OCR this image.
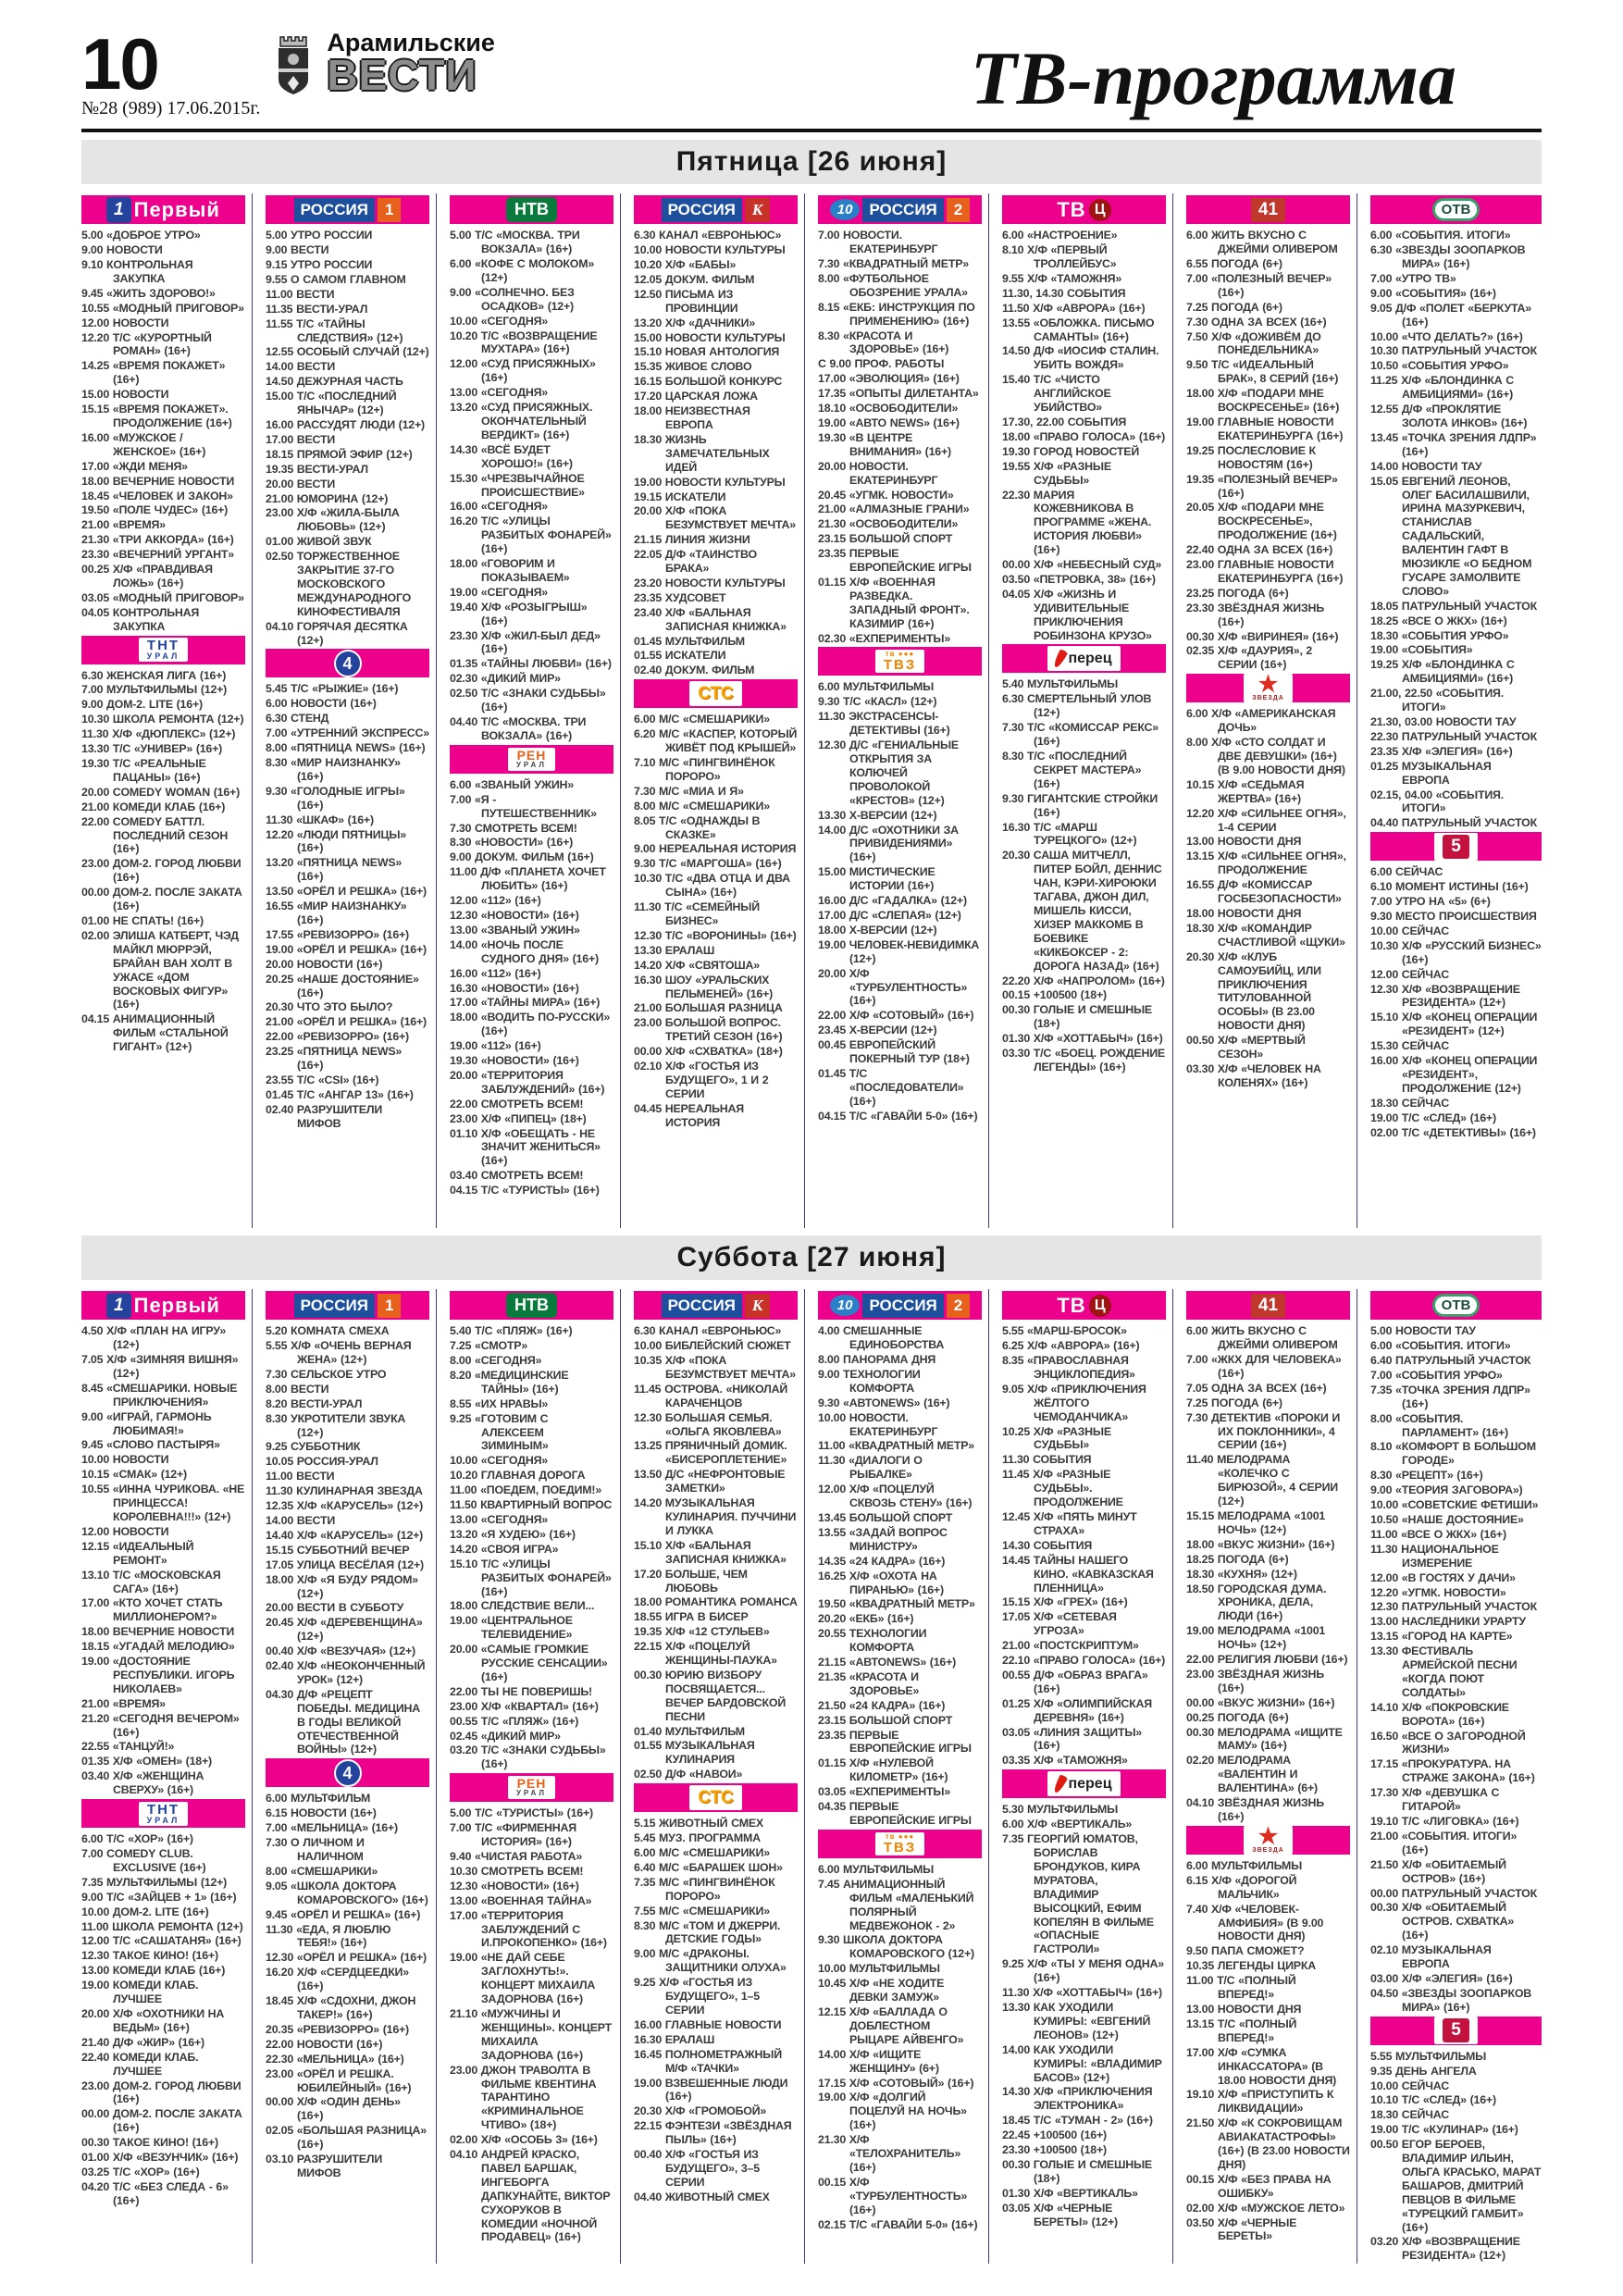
10
№28 (989) 17.06.2015г.
Арамильские
ВЕСТИ	ТВ-программа
Пятница [26 июня]
1 Первый
5.00 «ДОБРОЕ УТРО»
9.00 НОВОСТИ
9.10 КОНТРОЛЬНАЯ ЗАКУПКА
9.45 «ЖИТЬ ЗДОРОВО!»
10.55 «МОДНЫЙ ПРИГОВОР»
12.00 НОВОСТИ
12.20 Т/С «КУРОРТНЫЙ РОМАН» (16+)
14.25 «ВРЕМЯ ПОКАЖЕТ» (16+)
15.00 НОВОСТИ
15.15 «ВРЕМЯ ПОКАЖЕТ». ПРОДОЛЖЕНИЕ (16+)
16.00 «МУЖСКОЕ / ЖЕНСКОЕ» (16+)
17.00 «ЖДИ МЕНЯ»
18.00 ВЕЧЕРНИЕ НОВОСТИ
18.45 «ЧЕЛОВЕК И ЗАКОН»
19.50 «ПОЛЕ ЧУДЕС» (16+)
21.00 «ВРЕМЯ»
21.30 «ТРИ АККОРДА» (16+)
23.30 «ВЕЧЕРНИЙ УРГАНТ»
00.25 Х/Ф «ПРАВДИВАЯ ЛОЖЬ» (16+)
03.05 «МОДНЫЙ ПРИГОВОР»
04.05 КОНТРОЛЬНАЯ ЗАКУПКА
ТНТ
УРАЛ
6.30 ЖЕНСКАЯ ЛИГА (16+)
7.00 МУЛЬТФИЛЬМЫ (12+)
9.00 ДОМ-2. LITE (16+)
10.30 ШКОЛА РЕМОНТА (12+)
11.30 Х/Ф «ДЮПЛЕКС» (12+)
13.30 Т/С «УНИВЕР» (16+)
19.30 Т/С «РЕАЛЬНЫЕ ПАЦАНЫ» (16+)
20.00 COMEDY WOMAN (16+)
21.00 КОМЕДИ КЛАБ (16+)
22.00 COMEDY БАТТЛ. ПОСЛЕДНИЙ СЕЗОН (16+)
23.00 ДОМ-2. ГОРОД ЛЮБВИ (16+)
00.00 ДОМ-2. ПОСЛЕ ЗАКАТА (16+)
01.00 НЕ СПАТЬ! (16+)
02.00 ЭЛИША КАТБЕРТ, ЧЭД МАЙКЛ МЮРРЭЙ, БРАЙАН ВАН ХОЛТ В УЖАСЕ «ДОМ ВОСКОВЫХ ФИГУР» (16+)
04.15 АНИМАЦИОННЫЙ ФИЛЬМ «СТАЛЬНОЙ ГИГАНТ» (12+)
РОССИЯ	1
5.00 УТРО РОССИИ
9.00 ВЕСТИ
9.15 УТРО РОССИИ
9.55 О САМОМ ГЛАВНОМ
11.00 ВЕСТИ
11.35 ВЕСТИ-УРАЛ
11.55 Т/С «ТАЙНЫ СЛЕДСТВИЯ» (12+)
12.55 ОСОБЫЙ СЛУЧАЙ (12+)
14.00 ВЕСТИ
14.50 ДЕЖУРНАЯ ЧАСТЬ
15.00 Т/С «ПОСЛЕДНИЙ ЯНЫЧАР» (12+)
16.00 РАССУДЯТ ЛЮДИ (12+)
17.00 ВЕСТИ
18.15 ПРЯМОЙ ЭФИР (12+)
19.35 ВЕСТИ-УРАЛ
20.00 ВЕСТИ
21.00 ЮМОРИНА (12+)
23.00 Х/Ф «ЖИЛА-БЫЛА ЛЮБОВЬ» (12+)
01.00 ЖИВОЙ ЗВУК
02.50 ТОРЖЕСТВЕННОЕ ЗАКРЫТИЕ 37-ГО МОСКОВСКОГО МЕЖДУНАРОДНОГО КИНОФЕСТИВАЛЯ
04.10 ГОРЯЧАЯ ДЕСЯТКА (12+)
4
5.45 Т/С «РЫЖИЕ» (16+)
6.00 НОВОСТИ (16+)
6.30 СТЕНД
7.00 «УТРЕННИЙ ЭКСПРЕСС»
8.00 «ПЯТНИЦА NEWS» (16+)
8.30 «МИР НАИЗНАНКУ» (16+)
9.30 «ГОЛОДНЫЕ ИГРЫ» (16+)
11.30 «ШКАФ» (16+)
12.20 «ЛЮДИ ПЯТНИЦЫ» (16+)
13.20 «ПЯТНИЦА NEWS» (16+)
13.50 «ОРЁЛ И РЕШКА» (16+)
16.55 «МИР НАИЗНАНКУ» (16+)
17.55 «РЕВИЗОРРО» (16+)
19.00 «ОРЁЛ И РЕШКА» (16+)
20.00 НОВОСТИ (16+)
20.25 «НАШЕ ДОСТОЯНИЕ» (16+)
20.30 ЧТО ЭТО БЫЛО?
21.00 «ОРЁЛ И РЕШКА» (16+)
22.00 «РЕВИЗОРРО» (16+)
23.25 «ПЯТНИЦА NEWS» (16+)
23.55 Т/С «CSI» (16+)
01.45 Т/С «АНГАР 13» (16+)
02.40 РАЗРУШИТЕЛИ МИФОВ
НТВ
5.00 Т/С «МОСКВА. ТРИ ВОКЗАЛА» (16+)
6.00 «КОФЕ С МОЛОКОМ» (12+)
9.00 «СОЛНЕЧНО. БЕЗ ОСАДКОВ» (12+)
10.00 «СЕГОДНЯ»
10.20 Т/С «ВОЗВРАЩЕНИЕ МУХТАРА» (16+)
12.00 «СУД ПРИСЯЖНЫХ» (16+)
13.00 «СЕГОДНЯ»
13.20 «СУД ПРИСЯЖНЫХ. ОКОНЧАТЕЛЬНЫЙ ВЕРДИКТ» (16+)
14.30 «ВСЁ БУДЕТ ХОРОШО!» (16+)
15.30 «ЧРЕЗВЫЧАЙНОЕ ПРОИСШЕСТВИЕ»
16.00 «СЕГОДНЯ»
16.20 Т/С «УЛИЦЫ РАЗБИТЫХ ФОНАРЕЙ» (16+)
18.00 «ГОВОРИМ И ПОКАЗЫВАЕМ»
19.00 «СЕГОДНЯ»
19.40 Х/Ф «РОЗЫГРЫШ» (16+)
23.30 Х/Ф «ЖИЛ-БЫЛ ДЕД» (16+)
01.35 «ТАЙНЫ ЛЮБВИ» (16+)
02.30 «ДИКИЙ МИР»
02.50 Т/С «ЗНАКИ СУДЬБЫ» (16+)
04.40 Т/С «МОСКВА. ТРИ ВОКЗАЛА» (16+)
РЕН
УРАЛ
6.00 «ЗВАНЫЙ УЖИН»
7.00 «Я - ПУТЕШЕСТВЕННИК»
7.30 СМОТРЕТЬ ВСЕМ!
8.30 «НОВОСТИ» (16+)
9.00 ДОКУМ. ФИЛЬМ (16+)
11.00 Д/Ф «ПЛАНЕТА ХОЧЕТ ЛЮБИТЬ» (16+)
12.00 «112» (16+)
12.30 «НОВОСТИ» (16+)
13.00 «ЗВАНЫЙ УЖИН»
14.00 «НОЧЬ ПОСЛЕ СУДНОГО ДНЯ» (16+)
16.00 «112» (16+)
16.30 «НОВОСТИ» (16+)
17.00 «ТАЙНЫ МИРА» (16+)
18.00 «ВОДИТЬ ПО-РУССКИ» (16+)
19.00 «112» (16+)
19.30 «НОВОСТИ» (16+)
20.00 «ТЕРРИТОРИЯ ЗАБЛУЖДЕНИЙ» (16+)
22.00 СМОТРЕТЬ ВСЕМ!
23.00 Х/Ф «ПИПЕЦ» (18+)
01.10 Х/Ф «ОБЕЩАТЬ - НЕ ЗНАЧИТ ЖЕНИТЬСЯ» (16+)
03.40 СМОТРЕТЬ ВСЕМ!
04.15 Т/С «ТУРИСТЫ» (16+)
РОССИЯ	К
6.30 КАНАЛ «ЕВРОНЬЮС»
10.00 НОВОСТИ КУЛЬТУРЫ
10.20 Х/Ф «БАБЫ»
12.05 ДОКУМ. ФИЛЬМ
12.50 ПИСЬМА ИЗ ПРОВИНЦИИ
13.20 Х/Ф «ДАЧНИКИ»
15.00 НОВОСТИ КУЛЬТУРЫ
15.10 НОВАЯ АНТОЛОГИЯ
15.35 ЖИВОЕ СЛОВО
16.15 БОЛЬШОЙ КОНКУРС
17.20 ЦАРСКАЯ ЛОЖА
18.00 НЕИЗВЕСТНАЯ ЕВРОПА
18.30 ЖИЗНЬ ЗАМЕЧАТЕЛЬНЫХ ИДЕЙ
19.00 НОВОСТИ КУЛЬТУРЫ
19.15 ИСКАТЕЛИ
20.00 Х/Ф «ПОКА БЕЗУМСТВУЕТ МЕЧТА»
21.15 ЛИНИЯ ЖИЗНИ
22.05 Д/Ф «ТАИНСТВО БРАКА»
23.20 НОВОСТИ КУЛЬТУРЫ
23.35 ХУДСОВЕТ
23.40 Х/Ф «БАЛЬНАЯ ЗАПИСНАЯ КНИЖКА»
01.45 МУЛЬТФИЛЬМ
01.55 ИСКАТЕЛИ
02.40 ДОКУМ. ФИЛЬМ
СТС
6.00 М/С «СМЕШАРИКИ»
6.20 М/С «КАСПЕР, КОТОРЫЙ ЖИВЁТ ПОД КРЫШЕЙ»
7.10 М/С «ПИНГВИНЁНОК ПОРОРО»
7.30 М/С «МИА И Я»
8.00 М/С «СМЕШАРИКИ»
8.05 Т/С «ОДНАЖДЫ В СКАЗКЕ»
9.00 НЕРЕАЛЬНАЯ ИСТОРИЯ
9.30 Т/С «МАРГОША» (16+)
10.30 Т/С «ДВА ОТЦА И ДВА СЫНА» (16+)
11.30 Т/С «СЕМЕЙНЫЙ БИЗНЕС»
12.30 Т/С «ВОРОНИНЫ» (16+)
13.30 ЕРАЛАШ
14.20 Х/Ф «СВЯТОША»
16.30 ШОУ «УРАЛЬСКИХ ПЕЛЬМЕНЕЙ» (16+)
21.00 БОЛЬШАЯ РАЗНИЦА
23.00 БОЛЬШОЙ ВОПРОС. ТРЕТИЙ СЕЗОН (16+)
00.00 Х/Ф «СХВАТКА» (18+)
02.10 Х/Ф «ГОСТЬЯ ИЗ БУДУЩЕГО», 1 И 2 СЕРИИ
04.45 НЕРЕАЛЬНАЯ ИСТОРИЯ
10	РОССИЯ	2
7.00 НОВОСТИ. ЕКАТЕРИНБУРГ
7.30 «КВАДРАТНЫЙ МЕТР»
8.00 «ФУТБОЛЬНОЕ ОБОЗРЕНИЕ УРАЛА»
8.15 «ЕКБ: ИНСТРУКЦИЯ ПО ПРИМЕНЕНИЮ» (16+)
8.30 «КРАСОТА И ЗДОРОВЬЕ» (16+)
С 9.00 ПРОФ. РАБОТЫ
17.00 «ЭВОЛЮЦИЯ» (16+)
17.35 «ОПЫТЫ ДИЛЕТАНТА»
18.10 «ОСВОБОДИТЕЛИ»
19.00 «АВТО NEWS» (16+)
19.30 «В ЦЕНТРЕ ВНИМАНИЯ» (16+)
20.00 НОВОСТИ. ЕКАТЕРИНБУРГ
20.45 «УГМК. НОВОСТИ»
21.00 «АЛМАЗНЫЕ ГРАНИ»
21.30 «ОСВОБОДИТЕЛИ»
23.15 БОЛЬШОЙ СПОРТ
23.35 ПЕРВЫЕ ЕВРОПЕЙСКИЕ ИГРЫ
01.15 Х/Ф «ВОЕННАЯ РАЗВЕДКА. ЗАПАДНЫЙ ФРОНТ». КАЗИМИР (16+)
02.30 «ЕХПЕРИМЕНТЫ»
тв ●●●
ТВЗ
6.00 МУЛЬТФИЛЬМЫ
9.30 Т/С «КАСЛ» (12+)
11.30 ЭКСТРАСЕНСЫ-ДЕТЕКТИВЫ (16+)
12.30 Д/С «ГЕНИАЛЬНЫЕ ОТКРЫТИЯ ЗА КОЛЮЧЕЙ ПРОВОЛОКОЙ «КРЕСТОВ» (12+)
13.30 Х-ВЕРСИИ (12+)
14.00 Д/С «ОХОТНИКИ ЗА ПРИВИДЕНИЯМИ» (16+)
15.00 МИСТИЧЕСКИЕ ИСТОРИИ (16+)
16.00 Д/С «ГАДАЛКА» (12+)
17.00 Д/С «СЛЕПАЯ» (12+)
18.00 Х-ВЕРСИИ (12+)
19.00 ЧЕЛОВЕК-НЕВИДИМКА (12+)
20.00 Х/Ф «ТУРБУЛЕНТНОСТЬ» (16+)
22.00 Х/Ф «СОТОВЫЙ» (16+)
23.45 Х-ВЕРСИИ (12+)
00.45 ЕВРОПЕЙСКИЙ ПОКЕРНЫЙ ТУР (18+)
01.45 Т/С «ПОСЛЕДОВАТЕЛИ» (16+)
04.15 Т/С «ГАВАЙИ 5-0» (16+)
ТВ Ц
6.00 «НАСТРОЕНИЕ»
8.10 Х/Ф «ПЕРВЫЙ ТРОЛЛЕЙБУС»
9.55 Х/Ф «ТАМОЖНЯ»
11.30, 14.30 СОБЫТИЯ
11.50 Х/Ф «АВРОРА» (16+)
13.55 «ОБЛОЖКА. ПИСЬМО САМАНТЫ» (16+)
14.50 Д/Ф «ИОСИФ СТАЛИН. УБИТЬ ВОЖДЯ»
15.40 Т/С «ЧИСТО АНГЛИЙСКОЕ УБИЙСТВО»
17.30, 22.00 СОБЫТИЯ
18.00 «ПРАВО ГОЛОСА» (16+)
19.30 ГОРОД НОВОСТЕЙ
19.55 Х/Ф «РАЗНЫЕ СУДЬБЫ»
22.30 МАРИЯ КОЖЕВНИКОВА В ПРОГРАММЕ «ЖЕНА. ИСТОРИЯ ЛЮБВИ» (16+)
00.00 Х/Ф «НЕБЕСНЫЙ СУД»
03.50 «ПЕТРОВКА, 38» (16+)
04.05 Х/Ф «ЖИЗНЬ И УДИВИТЕЛЬНЫЕ ПРИКЛЮЧЕНИЯ РОБИНЗОНА КРУЗО»
перец
5.40 МУЛЬТФИЛЬМЫ
6.30 СМЕРТЕЛЬНЫЙ УЛОВ (12+)
7.30 Т/С «КОМИССАР РЕКС» (16+)
8.30 Т/С «ПОСЛЕДНИЙ СЕКРЕТ МАСТЕРА» (16+)
9.30 ГИГАНТСКИЕ СТРОЙКИ (16+)
16.30 Т/С «МАРШ ТУРЕЦКОГО» (12+)
20.30 САША МИТЧЕЛЛ, ПИТЕР БОЙЛ, ДЕННИС ЧАН, КЭРИ-ХИРОЮКИ ТАГАВА, ДЖОН ДИЛ, МИШЕЛЬ КИССИ, ХИЗЕР МАККОМБ В БОЕВИКЕ «КИКБОКСЕР - 2: ДОРОГА НАЗАД» (16+)
22.20 Х/Ф «НАПРОЛОМ» (16+)
00.15 +100500 (18+)
00.30 ГОЛЫЕ И СМЕШНЫЕ (18+)
01.30 Х/Ф «ХОТТАБЫЧ» (16+)
03.30 Т/С «БОЕЦ. РОЖДЕНИЕ ЛЕГЕНДЫ» (16+)
41
6.00 ЖИТЬ ВКУСНО С ДЖЕЙМИ ОЛИВЕРОМ
6.55 ПОГОДА (6+)
7.00 «ПОЛЕЗНЫЙ ВЕЧЕР» (16+)
7.25 ПОГОДА (6+)
7.30 ОДНА ЗА ВСЕХ (16+)
7.50 Х/Ф «ДОЖИВЁМ ДО ПОНЕДЕЛЬНИКА»
9.50 Т/С «ИДЕАЛЬНЫЙ БРАК», 8 СЕРИЙ (16+)
18.00 Х/Ф «ПОДАРИ МНЕ ВОСКРЕСЕНЬЕ» (16+)
19.00 ГЛАВНЫЕ НОВОСТИ ЕКАТЕРИНБУРГА (16+)
19.25 ПОСЛЕСЛОВИЕ К НОВОСТЯМ (16+)
19.35 «ПОЛЕЗНЫЙ ВЕЧЕР» (16+)
20.05 Х/Ф «ПОДАРИ МНЕ ВОСКРЕСЕНЬЕ», ПРОДОЛЖЕНИЕ (16+)
22.40 ОДНА ЗА ВСЕХ (16+)
23.00 ГЛАВНЫЕ НОВОСТИ ЕКАТЕРИНБУРГА (16+)
23.25 ПОГОДА (6+)
23.30 ЗВЁЗДНАЯ ЖИЗНЬ (16+)
00.30 Х/Ф «ВИРИНЕЯ» (16+)
02.35 Х/Ф «ДАУРИЯ», 2 СЕРИИ (16+)
★
ЗВЕЗДА
6.00 Х/Ф «АМЕРИКАНСКАЯ ДОЧЬ»
8.00 Х/Ф «СТО СОЛДАТ И ДВЕ ДЕВУШКИ» (16+) (В 9.00 НОВОСТИ ДНЯ)
10.15 Х/Ф «СЕДЬМАЯ ЖЕРТВА» (16+)
12.20 Х/Ф «СИЛЬНЕЕ ОГНЯ», 1-4 СЕРИИ
13.00 НОВОСТИ ДНЯ
13.15 Х/Ф «СИЛЬНЕЕ ОГНЯ», ПРОДОЛЖЕНИЕ
16.55 Д/Ф «КОМИССАР ГОСБЕЗОПАСНОСТИ»
18.00 НОВОСТИ ДНЯ
18.30 Х/Ф «КОМАНДИР СЧАСТЛИВОЙ «ЩУКИ»
20.30 Х/Ф «КЛУБ САМОУБИЙЦ, ИЛИ ПРИКЛЮЧЕНИЯ ТИТУЛОВАННОЙ ОСОБЫ» (В 23.00 НОВОСТИ ДНЯ)
00.50 Х/Ф «МЕРТВЫЙ СЕЗОН»
03.30 Х/Ф «ЧЕЛОВЕК НА КОЛЕНЯХ» (16+)
ОТВ
6.00 «СОБЫТИЯ. ИТОГИ»
6.30 «ЗВЕЗДЫ ЗООПАРКОВ МИРА» (16+)
7.00 «УТРО ТВ»
9.00 «СОБЫТИЯ» (16+)
9.05 Д/Ф «ПОЛЕТ «БЕРКУТА» (16+)
10.00 «ЧТО ДЕЛАТЬ?» (16+)
10.30 ПАТРУЛЬНЫЙ УЧАСТОК
10.50 «СОБЫТИЯ УРФО»
11.25 Х/Ф «БЛОНДИНКА С АМБИЦИЯМИ» (16+)
12.55 Д/Ф «ПРОКЛЯТИЕ ЗОЛОТА ИНКОВ» (16+)
13.45 «ТОЧКА ЗРЕНИЯ ЛДПР» (16+)
14.00 НОВОСТИ ТАУ
15.05 ЕВГЕНИЙ ЛЕОНОВ, ОЛЕГ БАСИЛАШВИЛИ, ИРИНА МАЗУРКЕВИЧ, СТАНИСЛАВ САДАЛЬСКИЙ, ВАЛЕНТИН ГАФТ В МЮЗИКЛЕ «О БЕДНОМ ГУСАРЕ ЗАМОЛВИТЕ СЛОВО»
18.05 ПАТРУЛЬНЫЙ УЧАСТОК
18.25 «ВСЕ О ЖКХ» (16+)
18.30 «СОБЫТИЯ УРФО»
19.00 «СОБЫТИЯ»
19.25 Х/Ф «БЛОНДИНКА С АМБИЦИЯМИ» (16+)
21.00, 22.50 «СОБЫТИЯ. ИТОГИ»
21.30, 03.00 НОВОСТИ ТАУ
22.30 ПАТРУЛЬНЫЙ УЧАСТОК
23.35 Х/Ф «ЭЛЕГИЯ» (16+)
01.25 МУЗЫКАЛЬНАЯ ЕВРОПА
02.15, 04.00 «СОБЫТИЯ. ИТОГИ»
04.40 ПАТРУЛЬНЫЙ УЧАСТОК
5
6.00 СЕЙЧАС
6.10 МОМЕНТ ИСТИНЫ (16+)
7.00 УТРО НА «5» (6+)
9.30 МЕСТО ПРОИСШЕСТВИЯ
10.00 СЕЙЧАС
10.30 Х/Ф «РУССКИЙ БИЗНЕС» (16+)
12.00 СЕЙЧАС
12.30 Х/Ф «ВОЗВРАЩЕНИЕ РЕЗИДЕНТА» (12+)
15.10 Х/Ф «КОНЕЦ ОПЕРАЦИИ «РЕЗИДЕНТ» (12+)
15.30 СЕЙЧАС
16.00 Х/Ф «КОНЕЦ ОПЕРАЦИИ «РЕЗИДЕНТ», ПРОДОЛЖЕНИЕ (12+)
18.30 СЕЙЧАС
19.00 Т/С «СЛЕД» (16+)
02.00 Т/С «ДЕТЕКТИВЫ» (16+)
Суббота [27 июня]
1 Первый
4.50 Х/Ф «ПЛАН НА ИГРУ» (12+)
7.05 Х/Ф «ЗИМНЯЯ ВИШНЯ» (12+)
8.45 «СМЕШАРИКИ. НОВЫЕ ПРИКЛЮЧЕНИЯ»
9.00 «ИГРАЙ, ГАРМОНЬ ЛЮБИМАЯ!»
9.45 «СЛОВО ПАСТЫРЯ»
10.00 НОВОСТИ
10.15 «СМАК» (12+)
10.55 «ИННА ЧУРИКОВА. «НЕ ПРИНЦЕССА! КОРОЛЕВНА!!!» (12+)
12.00 НОВОСТИ
12.15 «ИДЕАЛЬНЫЙ РЕМОНТ»
13.10 Т/С «МОСКОВСКАЯ САГА» (16+)
17.00 «КТО ХОЧЕТ СТАТЬ МИЛЛИОНЕРОМ?»
18.00 ВЕЧЕРНИЕ НОВОСТИ
18.15 «УГАДАЙ МЕЛОДИЮ»
19.00 «ДОСТОЯНИЕ РЕСПУБЛИКИ. ИГОРЬ НИКОЛАЕВ»
21.00 «ВРЕМЯ»
21.20 «СЕГОДНЯ ВЕЧЕРОМ» (16+)
22.55 «ТАНЦУЙ!»
01.35 Х/Ф «ОМЕН» (18+)
03.40 Х/Ф «ЖЕНЩИНА СВЕРХУ» (16+)
ТНТ
УРАЛ
6.00 Т/С «ХОР» (16+)
7.00 COMEDY CLUB. EXCLUSIVE (16+)
7.35 МУЛЬТФИЛЬМЫ (12+)
9.00 Т/С «ЗАЙЦЕВ + 1» (16+)
10.00 ДОМ-2. LITE (16+)
11.00 ШКОЛА РЕМОНТА (12+)
12.00 Т/С «САШАТАНЯ» (16+)
12.30 ТАКОЕ КИНО! (16+)
13.00 КОМЕДИ КЛАБ (16+)
19.00 КОМЕДИ КЛАБ. ЛУЧШЕЕ
20.00 Х/Ф «ОХОТНИКИ НА ВЕДЬМ» (16+)
21.40 Д/Ф «ЖИР» (16+)
22.40 КОМЕДИ КЛАБ. ЛУЧШЕЕ
23.00 ДОМ-2. ГОРОД ЛЮБВИ (16+)
00.00 ДОМ-2. ПОСЛЕ ЗАКАТА (16+)
00.30 ТАКОЕ КИНО! (16+)
01.00 Х/Ф «ВЕЗУНЧИК» (16+)
03.25 Т/С «ХОР» (16+)
04.20 Т/С «БЕЗ СЛЕДА - 6» (16+)
РОССИЯ	1
5.20 КОМНАТА СМЕХА
5.55 Х/Ф «ОЧЕНЬ ВЕРНАЯ ЖЕНА» (12+)
7.30 СЕЛЬСКОЕ УТРО
8.00 ВЕСТИ
8.20 ВЕСТИ-УРАЛ
8.30 УКРОТИТЕЛИ ЗВУКА (12+)
9.25 СУББОТНИК
10.05 РОССИЯ-УРАЛ
11.00 ВЕСТИ
11.30 КУЛИНАРНАЯ ЗВЕЗДА
12.35 Х/Ф «КАРУСЕЛЬ» (12+)
14.00 ВЕСТИ
14.40 Х/Ф «КАРУСЕЛЬ» (12+)
15.15 СУББОТНИЙ ВЕЧЕР
17.05 УЛИЦА ВЕСЁЛАЯ (12+)
18.00 Х/Ф «Я БУДУ РЯДОМ» (12+)
20.00 ВЕСТИ В СУББОТУ
20.45 Х/Ф «ДЕРЕВЕНЩИНА» (12+)
00.40 Х/Ф «ВЕЗУЧАЯ» (12+)
02.40 Х/Ф «НЕОКОНЧЕННЫЙ УРОК» (12+)
04.30 Д/Ф «РЕЦЕПТ ПОБЕДЫ. МЕДИЦИНА В ГОДЫ ВЕЛИКОЙ ОТЕЧЕСТВЕННОЙ ВОЙНЫ» (12+)
4
6.00 МУЛЬТФИЛЬМ
6.15 НОВОСТИ (16+)
7.00 «МЕЛЬНИЦА» (16+)
7.30 О ЛИЧНОМ И НАЛИЧНОМ
8.00 «СМЕШАРИКИ»
9.05 «ШКОЛА ДОКТОРА КОМАРОВСКОГО» (16+)
9.45 «ОРЁЛ И РЕШКА» (16+)
11.30 «ЕДА, Я ЛЮБЛЮ ТЕБЯ!» (16+)
12.30 «ОРЁЛ И РЕШКА» (16+)
16.20 Х/Ф «СЕРДЦЕЕДКИ» (16+)
18.45 Х/Ф «СДОХНИ, ДЖОН ТАКЕР!» (16+)
20.35 «РЕВИЗОРРО» (16+)
22.00 НОВОСТИ (16+)
22.30 «МЕЛЬНИЦА» (16+)
23.00 «ОРЁЛ И РЕШКА. ЮБИЛЕЙНЫЙ» (16+)
00.00 Х/Ф «ОДИН ДЕНЬ» (16+)
02.05 «БОЛЬШАЯ РАЗНИЦА» (16+)
03.10 РАЗРУШИТЕЛИ МИФОВ
НТВ
5.40 Т/С «ПЛЯЖ» (16+)
7.25 «СМОТР»
8.00 «СЕГОДНЯ»
8.20 «МЕДИЦИНСКИЕ ТАЙНЫ» (16+)
8.55 «ИХ НРАВЫ»
9.25 «ГОТОВИМ С АЛЕКСЕЕМ ЗИМИНЫМ»
10.00 «СЕГОДНЯ»
10.20 ГЛАВНАЯ ДОРОГА
11.00 «ПОЕДЕМ, ПОЕДИМ!»
11.50 КВАРТИРНЫЙ ВОПРОС
13.00 «СЕГОДНЯ»
13.20 «Я ХУДЕЮ» (16+)
14.20 «СВОЯ ИГРА»
15.10 Т/С «УЛИЦЫ РАЗБИТЫХ ФОНАРЕЙ» (16+)
18.00 СЛЕДСТВИЕ ВЕЛИ...
19.00 «ЦЕНТРАЛЬНОЕ ТЕЛЕВИДЕНИЕ»
20.00 «САМЫЕ ГРОМКИЕ РУССКИЕ СЕНСАЦИИ» (16+)
22.00 ТЫ НЕ ПОВЕРИШЬ!
23.00 Х/Ф «КВАРТАЛ» (16+)
00.55 Т/С «ПЛЯЖ» (16+)
02.45 «ДИКИЙ МИР»
03.20 Т/С «ЗНАКИ СУДЬБЫ» (16+)
РЕН
УРАЛ
5.00 Т/С «ТУРИСТЫ» (16+)
7.00 Т/С «ФИРМЕННАЯ ИСТОРИЯ» (16+)
9.40 «ЧИСТАЯ РАБОТА»
10.30 СМОТРЕТЬ ВСЕМ!
12.30 «НОВОСТИ» (16+)
13.00 «ВОЕННАЯ ТАЙНА»
17.00 «ТЕРРИТОРИЯ ЗАБЛУЖДЕНИЙ С И.ПРОКОПЕНКО» (16+)
19.00 «НЕ ДАЙ СЕБЕ ЗАГЛОХНУТЬ!». КОНЦЕРТ МИХАИЛА ЗАДОРНОВА (16+)
21.10 «МУЖЧИНЫ И ЖЕНЩИНЫ». КОНЦЕРТ МИХАИЛА ЗАДОРНОВА (16+)
23.00 ДЖОН ТРАВОЛТА В ФИЛЬМЕ КВЕНТИНА ТАРАНТИНО «КРИМИНАЛЬНОЕ ЧТИВО» (18+)
02.00 Х/Ф «ОСОБЬ 3» (16+)
04.10 АНДРЕЙ КРАСКО, ПАВЕЛ БАРШАК, ИНГЕБОРГА ДАПКУНАЙТЕ, ВИКТОР СУХОРУКОВ В КОМЕДИИ «НОЧНОЙ ПРОДАВЕЦ» (16+)
РОССИЯ	К
6.30 КАНАЛ «ЕВРОНЬЮС»
10.00 БИБЛЕЙСКИЙ СЮЖЕТ
10.35 Х/Ф «ПОКА БЕЗУМСТВУЕТ МЕЧТА»
11.45 ОСТРОВА. «НИКОЛАЙ КАРАЧЕНЦОВ
12.30 БОЛЬШАЯ СЕМЬЯ. «ОЛЬГА ЯКОВЛЕВА»
13.25 ПРЯНИЧНЫЙ ДОМИК. «БИСЕРОПЛЕТЕНИЕ»
13.50 Д/С «НЕФРОНТОВЫЕ ЗАМЕТКИ»
14.20 МУЗЫКАЛЬНАЯ КУЛИНАРИЯ. ПУЧЧИНИ И ЛУККА
15.10 Х/Ф «БАЛЬНАЯ ЗАПИСНАЯ КНИЖКА»
17.20 БОЛЬШЕ, ЧЕМ ЛЮБОВЬ
18.00 РОМАНТИКА РОМАНСА
18.55 ИГРА В БИСЕР
19.35 Х/Ф «12 СТУЛЬЕВ»
22.15 Х/Ф «ПОЦЕЛУЙ ЖЕНЩИНЫ-ПАУКА»
00.30 ЮРИЮ ВИЗБОРУ ПОСВЯЩАЕТСЯ... ВЕЧЕР БАРДОВСКОЙ ПЕСНИ
01.40 МУЛЬТФИЛЬМ
01.55 МУЗЫКАЛЬНАЯ КУЛИНАРИЯ
02.50 Д/Ф «НАВОИ»
СТС
5.15 ЖИВОТНЫЙ СМЕХ
5.45 МУЗ. ПРОГРАММА
6.00 М/С «СМЕШАРИКИ»
6.40 М/С «БАРАШЕК ШОН»
7.35 М/С «ПИНГВИНЁНОК ПОРОРО»
7.55 М/С «СМЕШАРИКИ»
8.30 М/С «ТОМ И ДЖЕРРИ. ДЕТСКИЕ ГОДЫ»
9.00 М/С «ДРАКОНЫ. ЗАЩИТНИКИ ОЛУХА»
9.25 Х/Ф «ГОСТЬЯ ИЗ БУДУЩЕГО», 1–5 СЕРИИ
16.00 ГЛАВНЫЕ НОВОСТИ
16.30 ЕРАЛАШ
16.45 ПОЛНОМЕТРАЖНЫЙ М/Ф «ТАЧКИ»
19.00 ВЗВЕШЕННЫЕ ЛЮДИ (16+)
20.30 Х/Ф «ГРОМОБОЙ»
22.15 ФЭНТЕЗИ «ЗВЁЗДНАЯ ПЫЛЬ» (16+)
00.40 Х/Ф «ГОСТЬЯ ИЗ БУДУЩЕГО», 3–5 СЕРИИ
04.40 ЖИВОТНЫЙ СМЕХ
10	РОССИЯ	2
4.00 СМЕШАННЫЕ ЕДИНОБОРСТВА
8.00 ПАНОРАМА ДНЯ
9.00 ТЕХНОЛОГИИ КОМФОРТА
9.30 «АВТОNEWS» (16+)
10.00 НОВОСТИ. ЕКАТЕРИНБУРГ
11.00 «КВАДРАТНЫЙ МЕТР»
11.30 «ДИАЛОГИ О РЫБАЛКЕ»
12.00 Х/Ф «ПОЦЕЛУЙ СКВОЗЬ СТЕНУ» (16+)
13.45 БОЛЬШОЙ СПОРТ
13.55 «ЗАДАЙ ВОПРОС МИНИСТРУ»
14.35 «24 КАДРА» (16+)
16.25 Х/Ф «ОХОТА НА ПИРАНЬЮ» (16+)
19.50 «КВАДРАТНЫЙ МЕТР»
20.20 «ЕКБ» (16+)
20.55 ТЕХНОЛОГИИ КОМФОРТА
21.15 «АВТОNEWS» (16+)
21.35 «КРАСОТА И ЗДОРОВЬЕ»
21.50 «24 КАДРА» (16+)
23.15 БОЛЬШОЙ СПОРТ
23.35 ПЕРВЫЕ ЕВРОПЕЙСКИЕ ИГРЫ
01.15 Х/Ф «НУЛЕВОЙ КИЛОМЕТР» (16+)
03.05 «ЕХПЕРИМЕНТЫ»
04.35 ПЕРВЫЕ ЕВРОПЕЙСКИЕ ИГРЫ
тв ●●●
ТВЗ
6.00 МУЛЬТФИЛЬМЫ
7.45 АНИМАЦИОННЫЙ ФИЛЬМ «МАЛЕНЬКИЙ ПОЛЯРНЫЙ МЕДВЕЖОНОК - 2»
9.30 ШКОЛА ДОКТОРА КОМАРОВСКОГО (12+)
10.00 МУЛЬТФИЛЬМЫ
10.45 Х/Ф «НЕ ХОДИТЕ ДЕВКИ ЗАМУЖ»
12.15 Х/Ф «БАЛЛАДА О ДОБЛЕСТНОМ РЫЦАРЕ АЙВЕНГО»
14.00 Х/Ф «ИЩИТЕ ЖЕНЩИНУ» (6+)
17.15 Х/Ф «СОТОВЫЙ» (16+)
19.00 Х/Ф «ДОЛГИЙ ПОЦЕЛУЙ НА НОЧЬ» (16+)
21.30 Х/Ф «ТЕЛОХРАНИТЕЛЬ» (16+)
00.15 Х/Ф «ТУРБУЛЕНТНОСТЬ» (16+)
02.15 Т/С «ГАВАЙИ 5-0» (16+)
ТВ Ц
5.55 «МАРШ-БРОСОК»
6.25 Х/Ф «АВРОРА» (16+)
8.35 «ПРАВОСЛАВНАЯ ЭНЦИКЛОПЕДИЯ»
9.05 Х/Ф «ПРИКЛЮЧЕНИЯ ЖЁЛТОГО ЧЕМОДАНЧИКА»
10.25 Х/Ф «РАЗНЫЕ СУДЬБЫ»
11.30 СОБЫТИЯ
11.45 Х/Ф «РАЗНЫЕ СУДЬБЫ». ПРОДОЛЖЕНИЕ
12.45 Х/Ф «ПЯТЬ МИНУТ СТРАХА»
14.30 СОБЫТИЯ
14.45 ТАЙНЫ НАШЕГО КИНО. «КАВКАЗСКАЯ ПЛЕННИЦА»
15.15 Х/Ф «ГРЕХ» (16+)
17.05 Х/Ф «СЕТЕВАЯ УГРОЗА»
21.00 «ПОСТСКРИПТУМ»
22.10 «ПРАВО ГОЛОСА» (16+)
00.55 Д/Ф «ОБРАЗ ВРАГА» (16+)
01.25 Х/Ф «ОЛИМПИЙСКАЯ ДЕРЕВНЯ» (16+)
03.05 «ЛИНИЯ ЗАЩИТЫ» (16+)
03.35 Х/Ф «ТАМОЖНЯ»
перец
5.30 МУЛЬТФИЛЬМЫ
6.00 Х/Ф «ВЕРТИКАЛЬ»
7.35 ГЕОРГИЙ ЮМАТОВ, БОРИСЛАВ БРОНДУКОВ, КИРА МУРАТОВА, ВЛАДИМИР ВЫСОЦКИЙ, ЕФИМ КОПЕЛЯН В ФИЛЬМЕ «ОПАСНЫЕ ГАСТРОЛИ»
9.25 Х/Ф «ТЫ У МЕНЯ ОДНА» (16+)
11.30 Х/Ф «ХОТТАБЫЧ» (16+)
13.30 КАК УХОДИЛИ КУМИРЫ: «ЕВГЕНИЙ ЛЕОНОВ» (12+)
14.00 КАК УХОДИЛИ КУМИРЫ: «ВЛАДИМИР БАСОВ» (12+)
14.30 Х/Ф «ПРИКЛЮЧЕНИЯ ЭЛЕКТРОНИКА»
18.45 Т/С «ТУМАН - 2» (16+)
22.45 +100500 (16+)
23.30 +100500 (18+)
00.30 ГОЛЫЕ И СМЕШНЫЕ (18+)
01.30 Х/Ф «ВЕРТИКАЛЬ»
03.05 Х/Ф «ЧЕРНЫЕ БЕРЕТЫ» (12+)
41
6.00 ЖИТЬ ВКУСНО С ДЖЕЙМИ ОЛИВЕРОМ
7.00 «ЖКХ ДЛЯ ЧЕЛОВЕКА» (16+)
7.05 ОДНА ЗА ВСЕХ (16+)
7.25 ПОГОДА (6+)
7.30 ДЕТЕКТИВ «ПОРОКИ И ИХ ПОКЛОННИКИ», 4 СЕРИИ (16+)
11.40 МЕЛОДРАМА «КОЛЕЧКО С БИРЮЗОЙ», 4 СЕРИИ (12+)
15.15 МЕЛОДРАМА «1001 НОЧЬ» (12+)
18.00 «ВКУС ЖИЗНИ» (16+)
18.25 ПОГОДА (6+)
18.30 «КУХНЯ» (12+)
18.50 ГОРОДСКАЯ ДУМА. ХРОНИКА, ДЕЛА, ЛЮДИ (16+)
19.00 МЕЛОДРАМА «1001 НОЧЬ» (12+)
22.00 РЕЛИГИЯ ЛЮБВИ (16+)
23.00 ЗВЁЗДНАЯ ЖИЗНЬ (16+)
00.00 «ВКУС ЖИЗНИ» (16+)
00.25 ПОГОДА (6+)
00.30 МЕЛОДРАМА «ИЩИТЕ МАМУ» (16+)
02.20 МЕЛОДРАМА «ВАЛЕНТИН И ВАЛЕНТИНА» (6+)
04.10 ЗВЁЗДНАЯ ЖИЗНЬ (16+)
★
ЗВЕЗДА
6.00 МУЛЬТФИЛЬМЫ
6.15 Х/Ф «ДОРОГОЙ МАЛЬЧИК»
7.40 Х/Ф «ЧЕЛОВЕК-АМФИБИЯ» (В 9.00 НОВОСТИ ДНЯ)
9.50 ПАПА СМОЖЕТ?
10.35 ЛЕГЕНДЫ ЦИРКА
11.00 Т/С «ПОЛНЫЙ ВПЕРЕД!»
13.00 НОВОСТИ ДНЯ
13.15 Т/С «ПОЛНЫЙ ВПЕРЕД!»
17.00 Х/Ф «СУМКА ИНКАССАТОРА» (В 18.00 НОВОСТИ ДНЯ)
19.10 Х/Ф «ПРИСТУПИТЬ К ЛИКВИДАЦИИ»
21.50 Х/Ф «К СОКРОВИЩАМ АВИАКАТАСТРОФЫ» (16+) (В 23.00 НОВОСТИ ДНЯ)
00.15 Х/Ф «БЕЗ ПРАВА НА ОШИБКУ»
02.00 Х/Ф «МУЖСКОЕ ЛЕТО»
03.50 Х/Ф «ЧЕРНЫЕ БЕРЕТЫ»
ОТВ
5.00 НОВОСТИ ТАУ
6.00 «СОБЫТИЯ. ИТОГИ»
6.40 ПАТРУЛЬНЫЙ УЧАСТОК
7.00 «СОБЫТИЯ УРФО»
7.35 «ТОЧКА ЗРЕНИЯ ЛДПР» (16+)
8.00 «СОБЫТИЯ. ПАРЛАМЕНТ» (16+)
8.10 «КОМФОРТ В БОЛЬШОМ ГОРОДЕ»
8.30 «РЕЦЕПТ» (16+)
9.00 «ТЕОРИЯ ЗАГОВОРА»)
10.00 «СОВЕТСКИЕ ФЕТИШИ»
10.50 «НАШЕ ДОСТОЯНИЕ»
11.00 «ВСЕ О ЖКХ» (16+)
11.30 НАЦИОНАЛЬНОЕ ИЗМЕРЕНИЕ
12.00 «В ГОСТЯХ У ДАЧИ»
12.20 «УГМК. НОВОСТИ»
12.30 ПАТРУЛЬНЫЙ УЧАСТОК
13.00 НАСЛЕДНИКИ УРАРТУ
13.15 «ГОРОД НА КАРТЕ»
13.30 ФЕСТИВАЛЬ АРМЕЙСКОЙ ПЕСНИ «КОГДА ПОЮТ СОЛДАТЫ»
14.10 Х/Ф «ПОКРОВСКИЕ ВОРОТА» (16+)
16.50 «ВСЕ О ЗАГОРОДНОЙ ЖИЗНИ»
17.15 «ПРОКУРАТУРА. НА СТРАЖЕ ЗАКОНА» (16+)
17.30 Х/Ф «ДЕВУШКА С ГИТАРОЙ»
19.10 Т/С «ЛИГОВКА» (16+)
21.00 «СОБЫТИЯ. ИТОГИ» (16+)
21.50 Х/Ф «ОБИТАЕМЫЙ ОСТРОВ» (16+)
00.00 ПАТРУЛЬНЫЙ УЧАСТОК
00.30 Х/Ф «ОБИТАЕМЫЙ ОСТРОВ. СХВАТКА» (16+)
02.10 МУЗЫКАЛЬНАЯ ЕВРОПА
03.00 Х/Ф «ЭЛЕГИЯ» (16+)
04.50 «ЗВЕЗДЫ ЗООПАРКОВ МИРА» (16+)
5
5.55 МУЛЬТФИЛЬМЫ
9.35 ДЕНЬ АНГЕЛА
10.00 СЕЙЧАС
10.10 Т/С «СЛЕД» (16+)
18.30 СЕЙЧАС
19.00 Т/С «КУЛИНАР» (16+)
00.50 ЕГОР БЕРОЕВ, ВЛАДИМИР ИЛЬИН, ОЛЬГА КРАСЬКО, МАРАТ БАШАРОВ, ДМИТРИЙ ПЕВЦОВ В ФИЛЬМЕ «ТУРЕЦКИЙ ГАМБИТ» (16+)
03.20 Х/Ф «ВОЗВРАЩЕНИЕ РЕЗИДЕНТА» (12+)
